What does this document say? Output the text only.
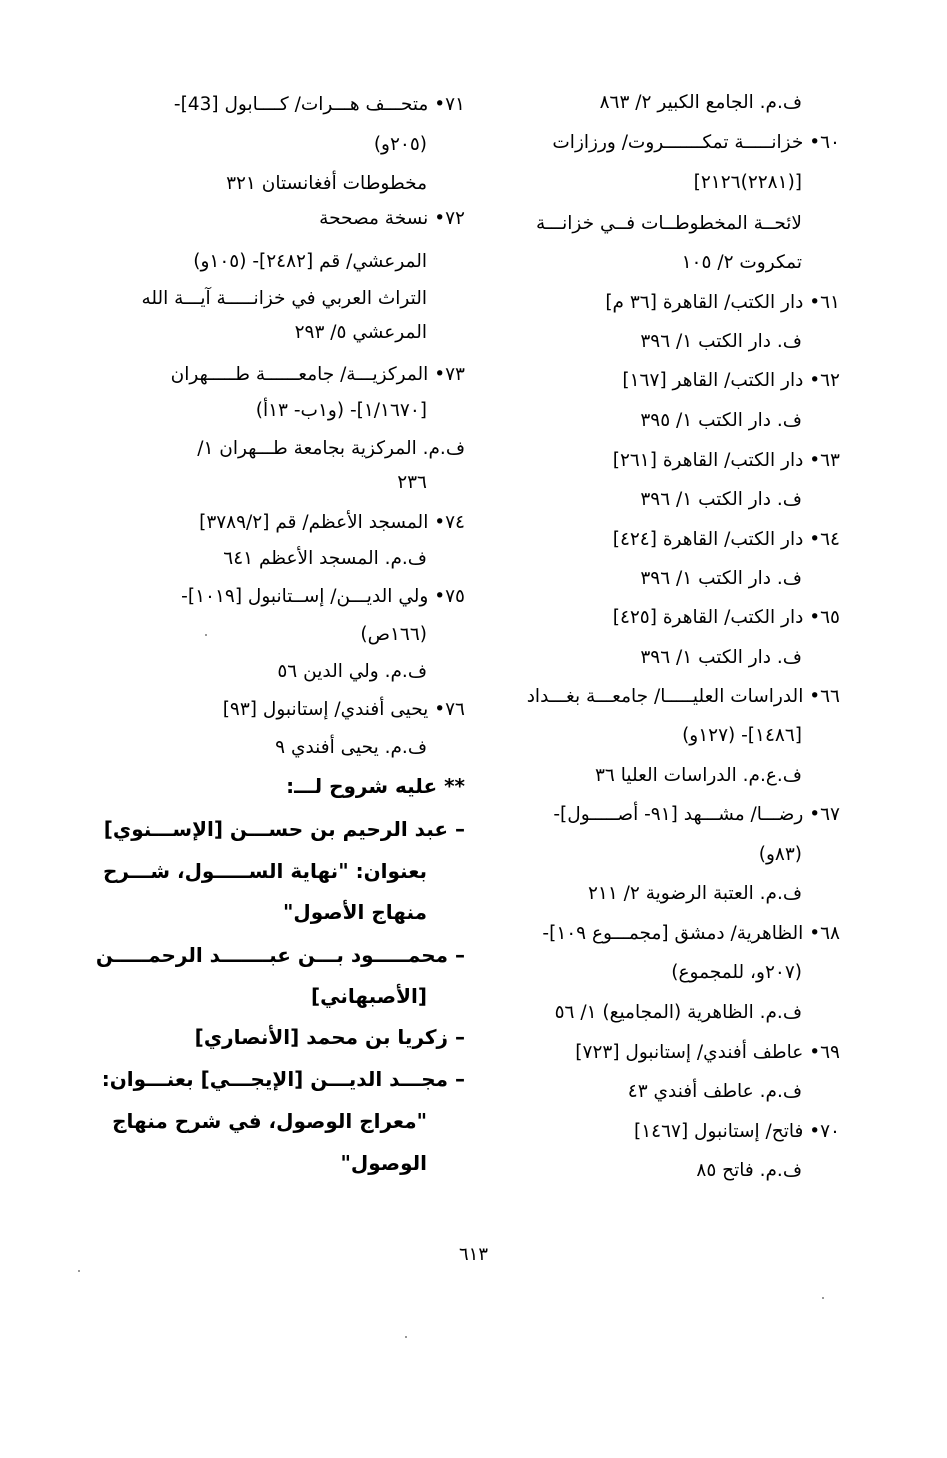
ف.م. الجامع الكبير ٢/ ٨٦٣
٦٠• خزانـــــة تمكـــــــروت/ ورزازات
[(٢٢٨١)٢١٢٦]
لائحــة المخطوطــات فــي خزانـــة
تمكروت ٢/ ١٠٥
٦١• دار الكتب/ القاهرة [٣٦ م]
ف. دار الكتب ١/ ٣٩٦
٦٢• دار الكتب/ القاهر [١٦٧]
ف. دار الكتب ١/ ٣٩٥
٦٣• دار الكتب/ القاهرة [٢٦١]
ف. دار الكتب ١/ ٣٩٦
٦٤• دار الكتب/ القاهرة [٤٢٤]
ف. دار الكتب ١/ ٣٩٦
٦٥• دار الكتب/ القاهرة [٤٢٥]
ف. دار الكتب ١/ ٣٩٦
٦٦• الدراسات العليـــــا/ جامعـــة بغـــداد
[١٤٨٦]- (١٢٧و)
ف.ع.م. الدراسات العليا ٣٦
٦٧• رضـــا/ مشـــهد [٩١- أصـــــول]-
(٨٣و)
ف.م. العتبة الرضوية ٢/ ٢١١
٦٨• الظاهرية/ دمشق [مجمـــوع ١٠٩]-
(٢٠٧و، للمجموع)
ف.م. الظاهرية (المجاميع) ١/ ٥٦
٦٩• عاطف أفندي/ إستانبول [٧٢٣]
ف.م. عاطف أفندي ٤٣
٧٠• فاتح/ إستانبول [١٤٦٧]
ف.م. فاتح ٨٥
٧١• متحـــف هـــرات/ كــــابول [43]-
(٢٠٥و)
مخطوطات أفغانستان ٣٢١
٧٢• نسخة مصححة
المرعشي/ قم [٢٤٨٢]- (١٠٥و)
التراث العربي في خزانـــــة آيـــة الله
المرعشي ٥/ ٢٩٣
٧٣• المركزيـــة/ جامعــــــة طـــــهران
[١/١٦٧٠]- (و١ب- ١٣أ)
ف.م. المركزية بجامعة طـــهران ١/
٢٣٦
٧٤• المسجد الأعظم/ قم [٣٧٨٩/٢]
ف.م. المسجد الأعظم ٦٤١
٧٥• ولي الديـــن/ إســتانبول [١٠١٩]-
(١٦٦ص)
ف.م. ولي الدين ٥٦
٧٦• يحيى أفندي/ إستانبول [٩٣]
ف.م. يحيى أفندي ٩
** عليه شروح لـــ:
– عبد الرحيم بن حســـن [الإســـنوي]
بعنوان: "نهاية الســـــول، شـــرح
منهاج الأصول"
– محمـــــود بـــن عبـــــــد الرحمـــــن
[الأصبهاني]
– زكريا بن محمد [الأنصاري]
– مجـــد الديـــن [الإيجـــي] بعنـــوان:
"معراج الوصول، في شرح منهاج
الوصول"
٦١٣
